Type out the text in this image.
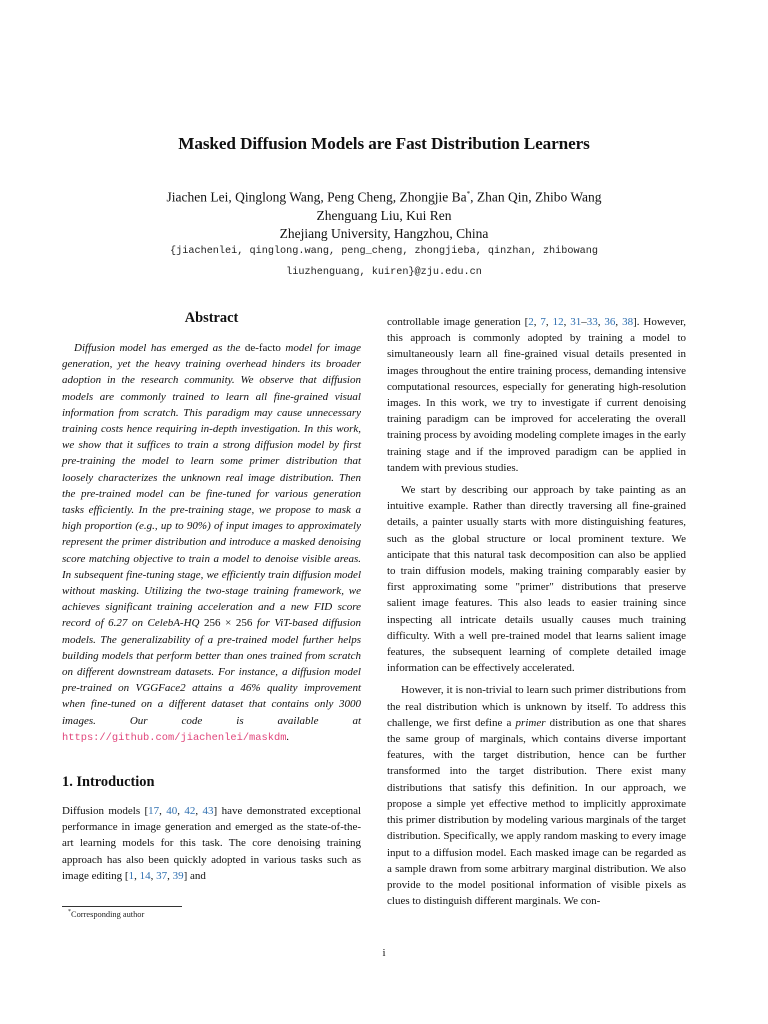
Masked Diffusion Models are Fast Distribution Learners
Jiachen Lei, Qinglong Wang, Peng Cheng, Zhongjie Ba*, Zhan Qin, Zhibo Wang
Zhenguang Liu, Kui Ren
Zhejiang University, Hangzhou, China
{jiachenlei, qinglong.wang, peng_cheng, zhongjieba, qinzhan, zhibowang
liuzhenguang, kuiren}@zju.edu.cn
Abstract

Diffusion model has emerged as the de-facto model for image generation, yet the heavy training overhead hinders its broader adoption in the research community. We observe that diffusion models are commonly trained to learn all fine-grained visual information from scratch. This paradigm may cause unnecessary training costs hence requiring in-depth investigation. In this work, we show that it suffices to train a strong diffusion model by first pre-training the model to learn some primer distribution that loosely characterizes the unknown real image distribution. Then the pre-trained model can be fine-tuned for various generation tasks efficiently. In the pre-training stage, we propose to mask a high proportion (e.g., up to 90%) of input images to approximately represent the primer distribution and introduce a masked denoising score matching objective to train a model to denoise visible areas. In subsequent fine-tuning stage, we efficiently train diffusion model without masking. Utilizing the two-stage training framework, we achieves significant training acceleration and a new FID score record of 6.27 on CelebA-HQ 256 × 256 for ViT-based diffusion models. The generalizability of a pre-trained model further helps building models that perform better than ones trained from scratch on different downstream datasets. For instance, a diffusion model pre-trained on VGGFace2 attains a 46% quality improvement when fine-tuned on a different dataset that contains only 3000 images. Our code is available at https://github.com/jiachenlei/maskdm.

1. Introduction

Diffusion models [17, 40, 42, 43] have demonstrated exceptional performance in image generation and emerged as the state-of-the-art learning models for this task. The core denoising training approach has also been quickly adopted in various tasks such as image editing [1, 14, 37, 39] and

controllable image generation [2, 7, 12, 31–33, 36, 38]. However, this approach is commonly adopted by training a model to simultaneously learn all fine-grained visual details presented in images throughout the entire training process, demanding intensive computational resources, especially for generating high-resolution images. In this work, we try to investigate if current denoising training paradigm can be improved for accelerating the overall training process by avoiding modeling complete images in the early training stage and if the improved paradigm can be applied in tandem with previous studies.

We start by describing our approach by take painting as an intuitive example. Rather than directly traversing all fine-grained details, a painter usually starts with more distinguishing features, such as the global structure or local prominent texture. We anticipate that this natural task decomposition can also be applied to train diffusion models, making training comparably easier by first approximating some "primer" distributions that preserve salient image features. This also leads to easier training since inspecting all intricate details usually causes much training difficulty. With a well pre-trained model that learns salient image features, the subsequent learning of complete detailed image information can be effectively accelerated.

However, it is non-trivial to learn such primer distributions from the real distribution which is unknown by itself. To address this challenge, we first define a primer distribution as one that shares the same group of marginals, which contains diverse important features, with the target distribution, hence can be further transformed into the target distribution. There exist many distributions that satisfy this definition. In our approach, we propose a simple yet effective method to implicitly approximate this primer distribution by modeling various marginals of the target distribution. Specifically, we apply random masking to every image input to a diffusion model. Each masked image can be regarded as a sample drawn from some arbitrary marginal distribution. We also provide to the model positional information of visible pixels as clues to distinguish different marginals. We con-

*Corresponding author
i
